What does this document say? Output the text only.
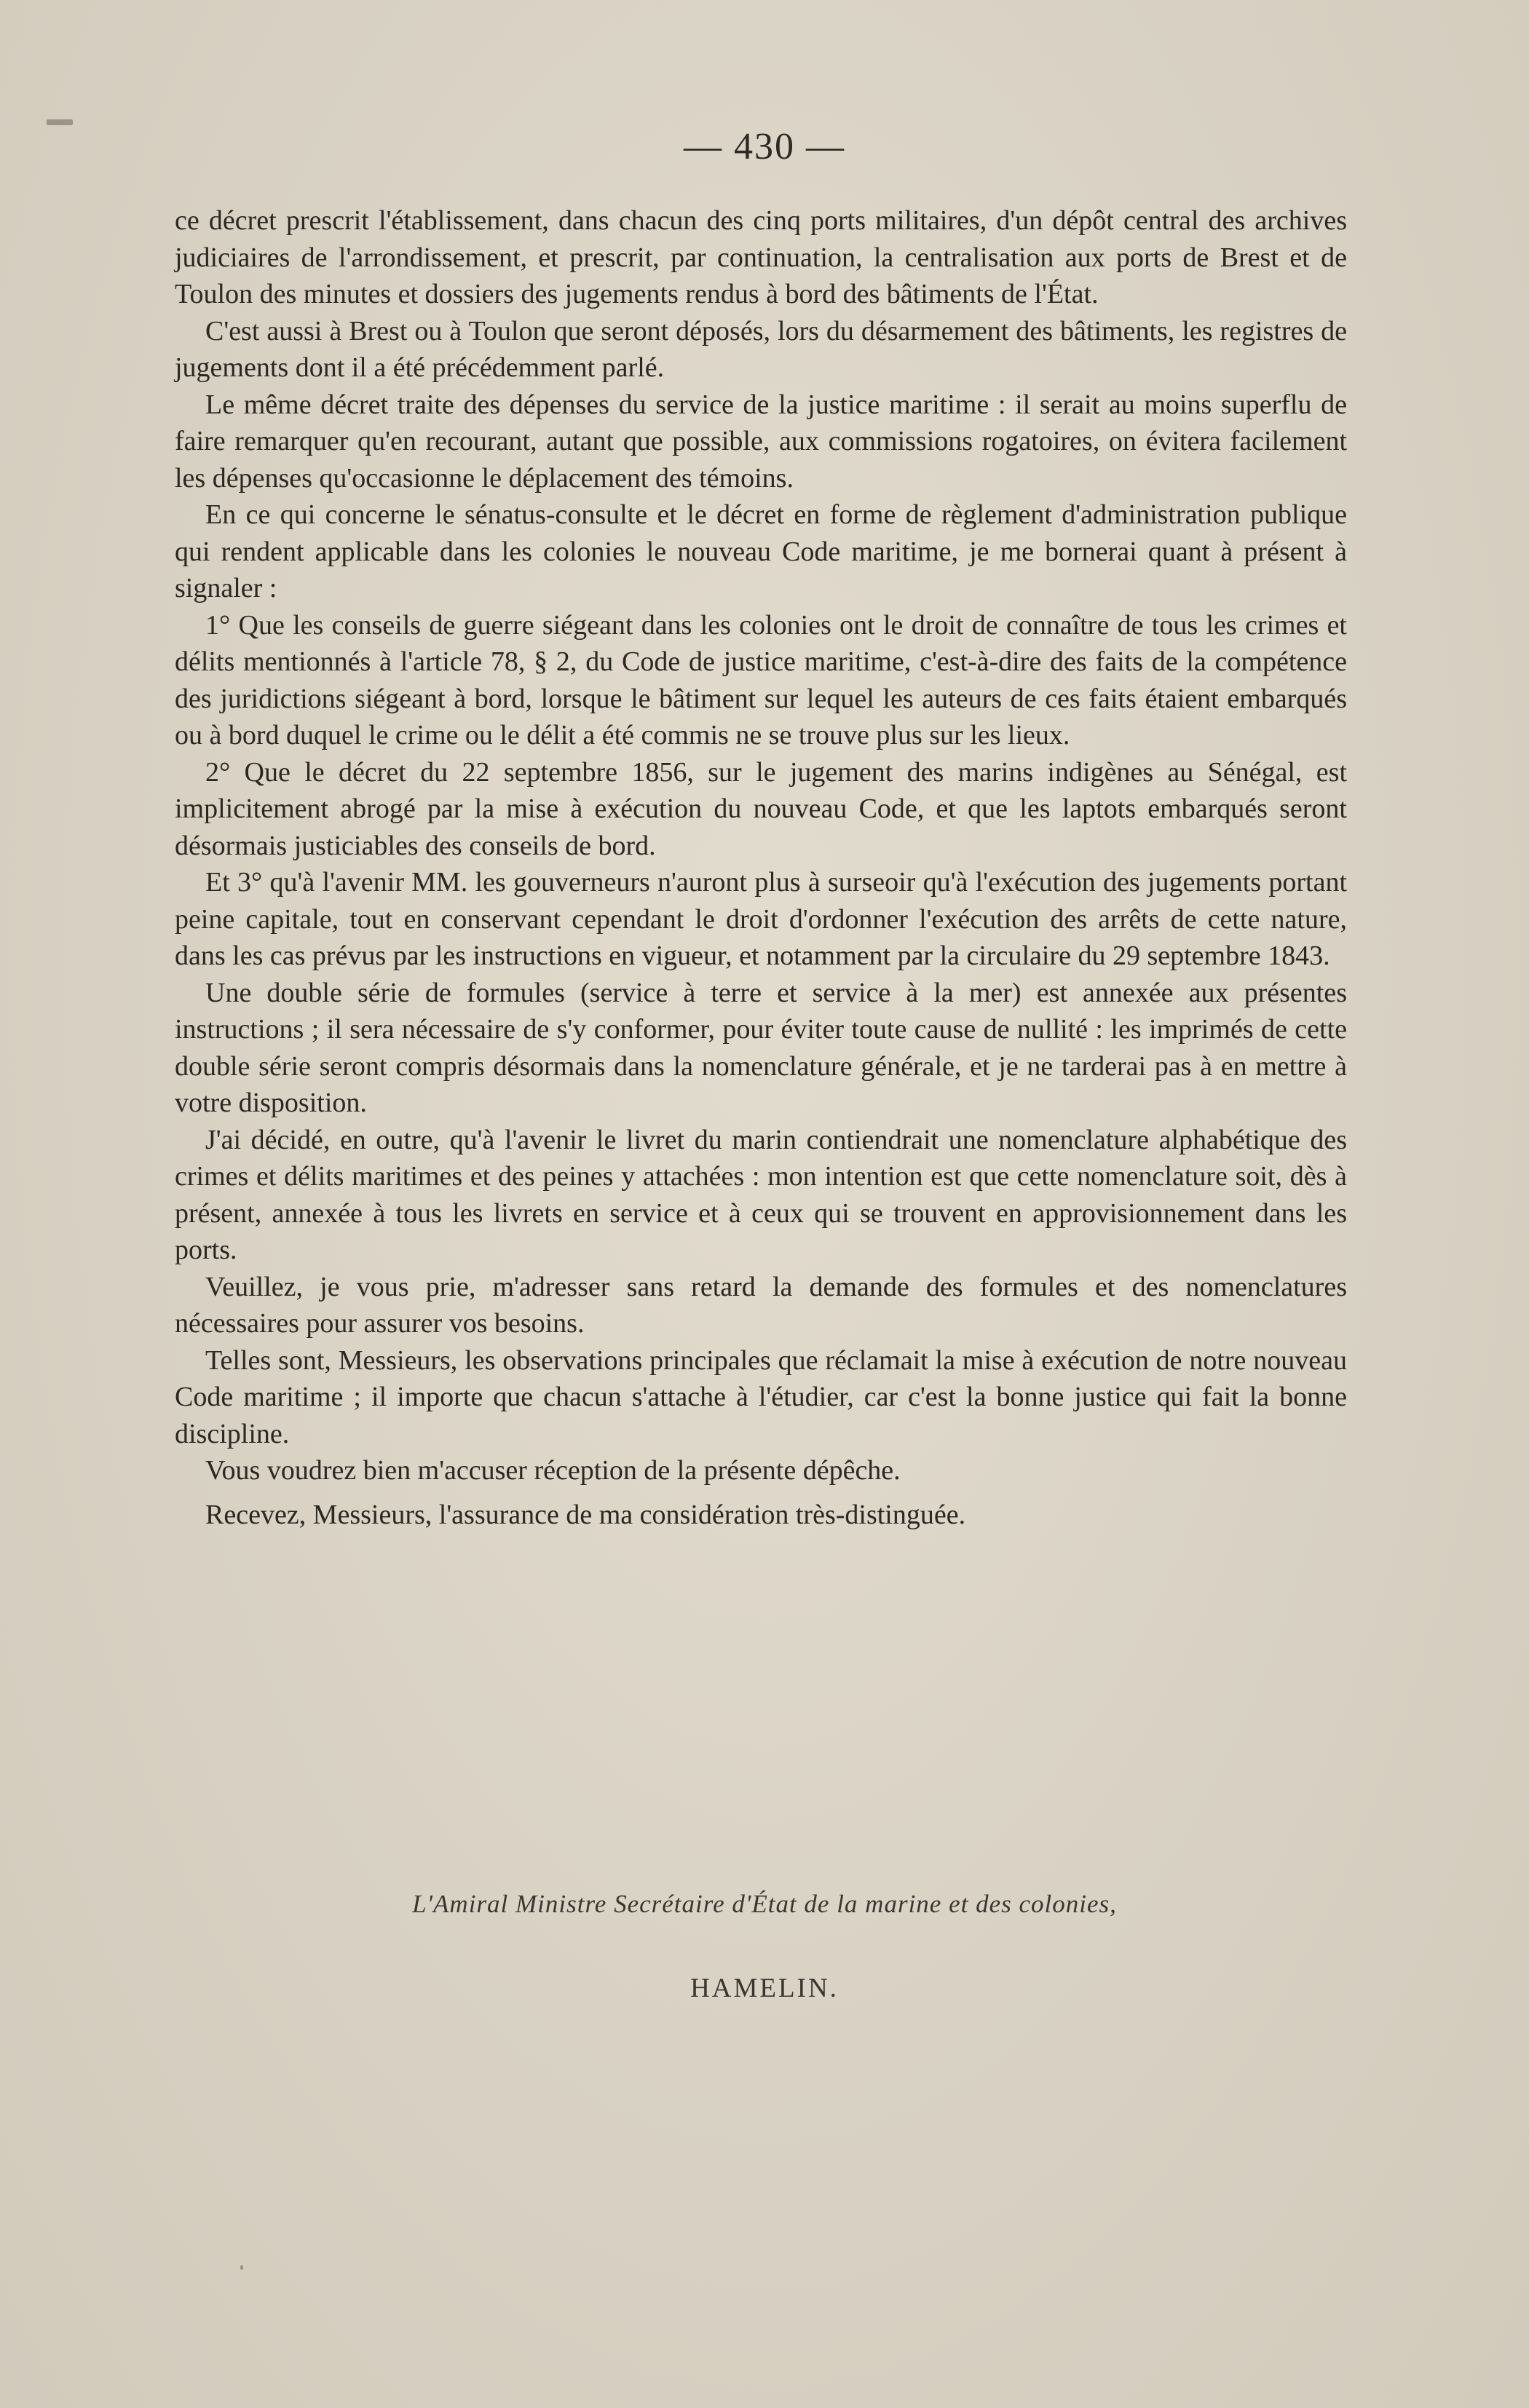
— 430 —

ce décret prescrit l'établissement, dans chacun des cinq ports militaires, d'un dépôt central des archives judiciaires de l'arrondissement, et prescrit, par continuation, la centralisation aux ports de Brest et de Toulon des minutes et dossiers des jugements rendus à bord des bâtiments de l'État.

C'est aussi à Brest ou à Toulon que seront déposés, lors du désarmement des bâtiments, les registres de jugements dont il a été précédemment parlé.

Le même décret traite des dépenses du service de la justice maritime : il serait au moins superflu de faire remarquer qu'en recourant, autant que possible, aux commissions rogatoires, on évitera facilement les dépenses qu'occasionne le déplacement des témoins.

En ce qui concerne le sénatus-consulte et le décret en forme de règlement d'administration publique qui rendent applicable dans les colonies le nouveau Code maritime, je me bornerai quant à présent à signaler :

1° Que les conseils de guerre siégeant dans les colonies ont le droit de connaître de tous les crimes et délits mentionnés à l'article 78, § 2, du Code de justice maritime, c'est-à-dire des faits de la compétence des juridictions siégeant à bord, lorsque le bâtiment sur lequel les auteurs de ces faits étaient embarqués ou à bord duquel le crime ou le délit a été commis ne se trouve plus sur les lieux.

2° Que le décret du 22 septembre 1856, sur le jugement des marins indigènes au Sénégal, est implicitement abrogé par la mise à exécution du nouveau Code, et que les laptots embarqués seront désormais justiciables des conseils de bord.

Et 3° qu'à l'avenir MM. les gouverneurs n'auront plus à surseoir qu'à l'exécution des jugements portant peine capitale, tout en conservant cependant le droit d'ordonner l'exécution des arrêts de cette nature, dans les cas prévus par les instructions en vigueur, et notamment par la circulaire du 29 septembre 1843.

Une double série de formules (service à terre et service à la mer) est annexée aux présentes instructions ; il sera nécessaire de s'y conformer, pour éviter toute cause de nullité : les imprimés de cette double série seront compris désormais dans la nomenclature générale, et je ne tarderai pas à en mettre à votre disposition.

J'ai décidé, en outre, qu'à l'avenir le livret du marin contiendrait une nomenclature alphabétique des crimes et délits maritimes et des peines y attachées : mon intention est que cette nomenclature soit, dès à présent, annexée à tous les livrets en service et à ceux qui se trouvent en approvisionnement dans les ports.

Veuillez, je vous prie, m'adresser sans retard la demande des formules et des nomenclatures nécessaires pour assurer vos besoins.

Telles sont, Messieurs, les observations principales que réclamait la mise à exécution de notre nouveau Code maritime ; il importe que chacun s'attache à l'étudier, car c'est la bonne justice qui fait la bonne discipline.

Vous voudrez bien m'accuser réception de la présente dépêche.

Recevez, Messieurs, l'assurance de ma considération très-distinguée.

L'Amiral Ministre Secrétaire d'État de la marine et des colonies,
HAMELIN.
